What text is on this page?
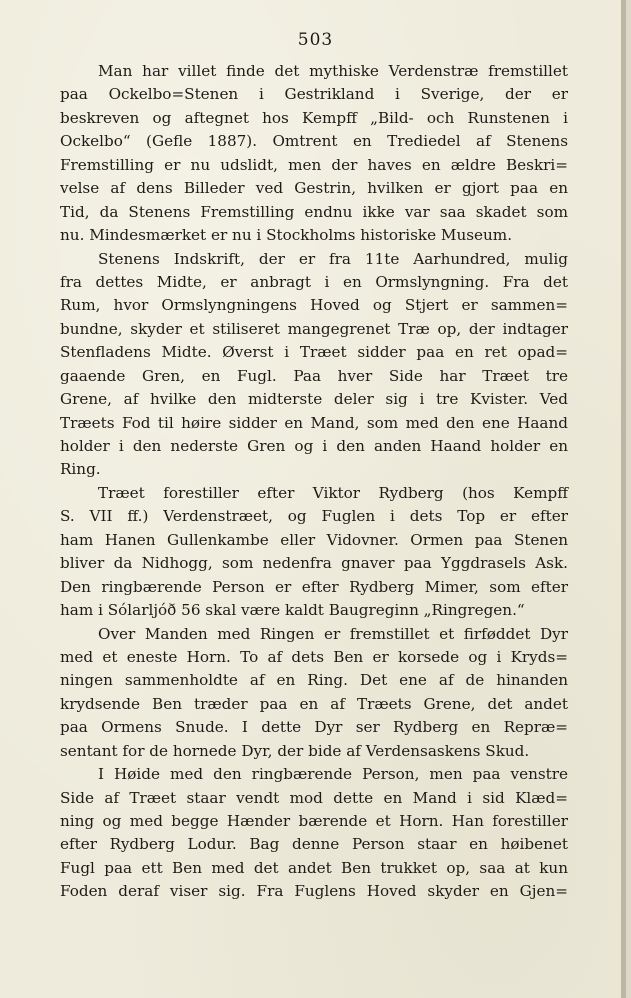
503
Man har villet finde det mythiske Verdenstræ fremstillet
paa Ockelbo=Stenen i Gestrikland i Sverige, der er
beskreven og aftegnet hos Kempff „Bild- och Runstenen i
Ockelbo“ (Gefle 1887). Omtrent en Trediedel af Stenens
Fremstilling er nu udslidt, men der haves en ældre Beskri=
velse af dens Billeder ved Gestrin, hvilken er gjort paa en
Tid, da Stenens Fremstilling endnu ikke var saa skadet som
nu. Mindesmærket er nu i Stockholms historiske Museum.
Stenens Indskrift, der er fra 11te Aarhundred, mulig
fra dettes Midte, er anbragt i en Ormslyngning. Fra det
Rum, hvor Ormslyngningens Hoved og Stjert er sammen=
bundne, skyder et stiliseret mangegrenet Træ op, der indtager
Stenfladens Midte. Øverst i Træet sidder paa en ret opad=
gaaende Gren, en Fugl. Paa hver Side har Træet tre
Grene, af hvilke den midterste deler sig i tre Kvister. Ved
Træets Fod til høire sidder en Mand, som med den ene Haand
holder i den nederste Gren og i den anden Haand holder en
Ring.
Træet forestiller efter Viktor Rydberg (hos Kempff
S. VII ff.) Verdenstræet, og Fuglen i dets Top er efter
ham Hanen Gullenkambe eller Vidovner. Ormen paa Stenen
bliver da Nidhogg, som nedenfra gnaver paa Yggdrasels Ask.
Den ringbærende Person er efter Rydberg Mimer, som efter
ham i Sólarljóð 56 skal være kaldt Baugreginn „Ringregen.“
Over Manden med Ringen er fremstillet et firføddet Dyr
med et eneste Horn. To af dets Ben er korsede og i Kryds=
ningen sammenholdte af en Ring. Det ene af de hinanden
krydsende Ben træder paa en af Træets Grene, det andet
paa Ormens Snude. I dette Dyr ser Rydberg en Repræ=
sentant for de hornede Dyr, der bide af Verdensaskens Skud.
I Høide med den ringbærende Person, men paa venstre
Side af Træet staar vendt mod dette en Mand i sid Klæd=
ning og med begge Hænder bærende et Horn. Han forestiller
efter Rydberg Lodur. Bag denne Person staar en høibenet
Fugl paa ett Ben med det andet Ben trukket op, saa at kun
Foden deraf viser sig. Fra Fuglens Hoved skyder en Gjen=
